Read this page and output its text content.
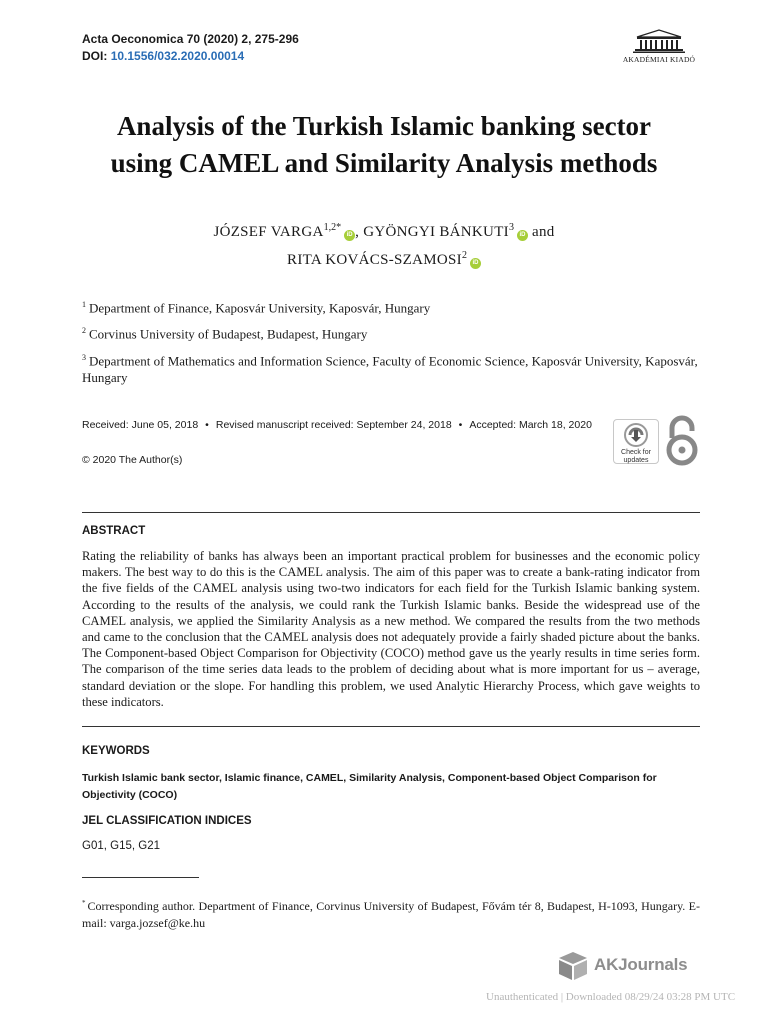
Acta Oeconomica 70 (2020) 2, 275-296
DOI: 10.1556/032.2020.00014	AKADÉMIAI KIADÓ
Analysis of the Turkish Islamic banking sector
using CAMEL and Similarity Analysis methods
JÓZSEF $VARGA^{1,2*}iD$ , GYÖNGYI BÁNKUTI$^3$iD and
RITA KOVÁCS-SZAMOSI$^2$iD
$^1$ Department of Finance, Kaposvár University, Kaposvár, Hungary
$^2$ Corvinus University of Budapest, Budapest, Hungary
$^3$ Department of Mathematics and Information Science, Faculty of Economic Science, Kaposvár University, Kaposvár, Hungary
Received: June 05, 2018 • Revised manuscript received: September 24, 2018 • Accepted: March 18, 2020
© 2020 The Author(s)
Check for
updates
ABSTRACT
Rating the reliability of banks has always been an important practical problem for businesses and the economic policy makers. The best way to do this is the CAMEL analysis. The aim of this paper was to create a bank-rating indicator from the five fields of the CAMEL analysis using two-two indicators for each field for the Turkish Islamic banking system. According to the results of the analysis, we could rank the Turkish Islamic banks. Beside the widespread use of the CAMEL analysis, we applied the Similarity Analysis as a new method. We compared the results from the two methods and came to the conclusion that the CAMEL analysis does not adequately provide a fairly shaded picture about the banks. The Component-based Object Comparison for Objectivity (COCO) method gave us the yearly results in time series form. The comparison of the time series data leads to the problem of deciding about what is more important for us – average, standard deviation or the slope. For handling this problem, we used Analytic Hierarchy Process, which gave weights to these indicators.
KEYWORDS
Turkish Islamic bank sector, Islamic finance, CAMEL, Similarity Analysis, Component-based Object Comparison for Objectivity (COCO)
JEL CLASSIFICATION INDICES
G01, G15, G21
* Corresponding author. Department of Finance, Corvinus University of Budapest, Fővám tér 8, Budapest, H-1093, Hungary. E-mail: varga.jozsef@ke.hu
AKJournals
Unauthenticated | Downloaded 08/29/24 03:28 PM UTC
